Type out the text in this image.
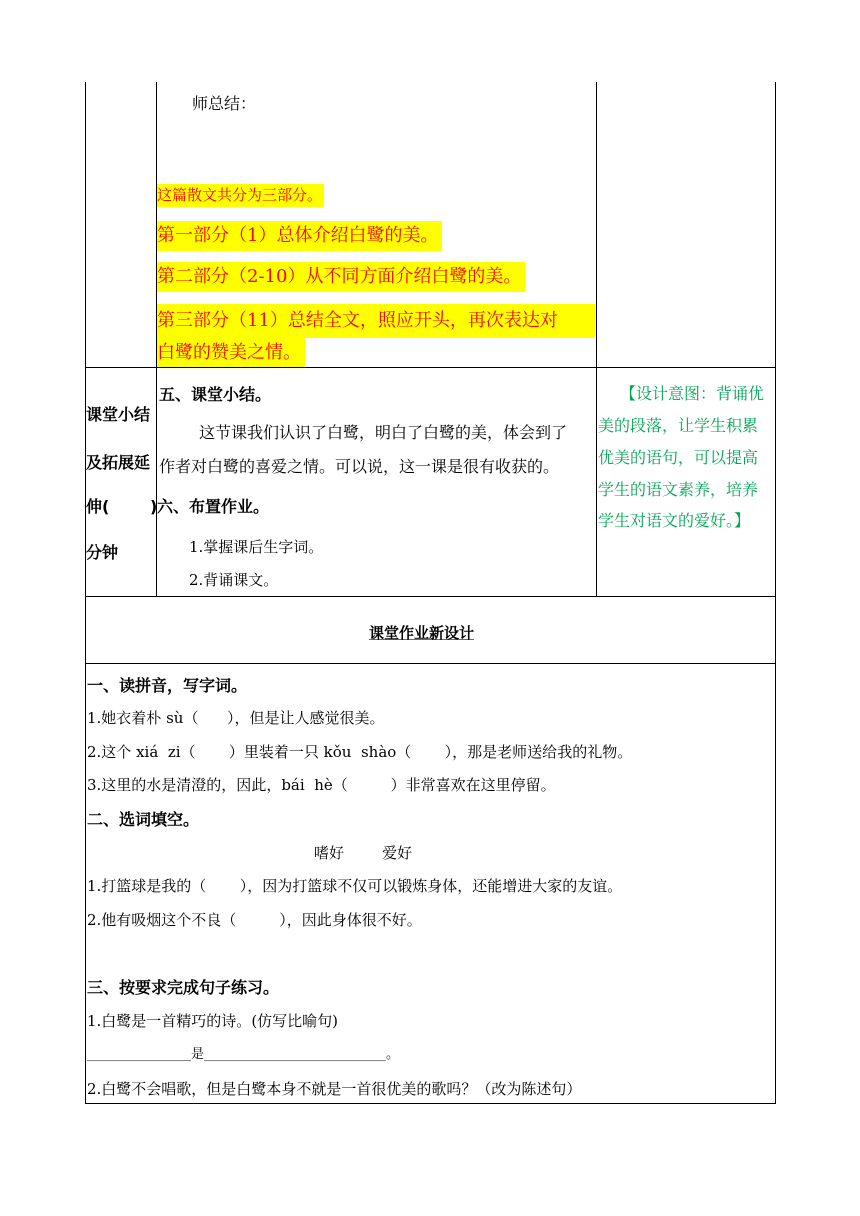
师总结：
这篇散文共分为三部分。
第一部分（1）总体介绍白鹭的美。
第二部分（2-10）从不同方面介绍白鹭的美。
第三部分（11）总结全文，照应开头，再次表达对
白鹭的赞美之情。
课堂小结
及拓展延
伸(	)
分钟
五、课堂小结。
这节课我们认识了白鹭，明白了白鹭的美，体会到了
作者对白鹭的喜爱之情。可以说，这一课是很有收获的。
六、布置作业。
1.掌握课后生字词。
2.背诵课文。
【设计意图：背诵优
美的段落，让学生积累
优美的语句，可以提高
学生的语文素养，培养
学生对语文的爱好。】
课堂作业新设计
一、读拼音，写字词。
1.她衣着朴 sù（      ），但是让人感觉很美。
2.这个 xiá  zi（       ）里装着一只 kǒu  shào（       ），那是老师送给我的礼物。
3.这里的水是清澄的，因此，bái  hè（         ）非常喜欢在这里停留。
二、选词填空。
嗜好        爱好
1.打篮球是我的（       ），因为打篮球不仅可以锻炼身体，还能增进大家的友谊。
2.他有吸烟这个不良（         ），因此身体很不好。
三、按要求完成句子练习。
1.白鹭是一首精巧的诗。(仿写比喻句)
________________是____________________________。
2.白鹭不会唱歌，但是白鹭本身不就是一首很优美的歌吗？（改为陈述句）
